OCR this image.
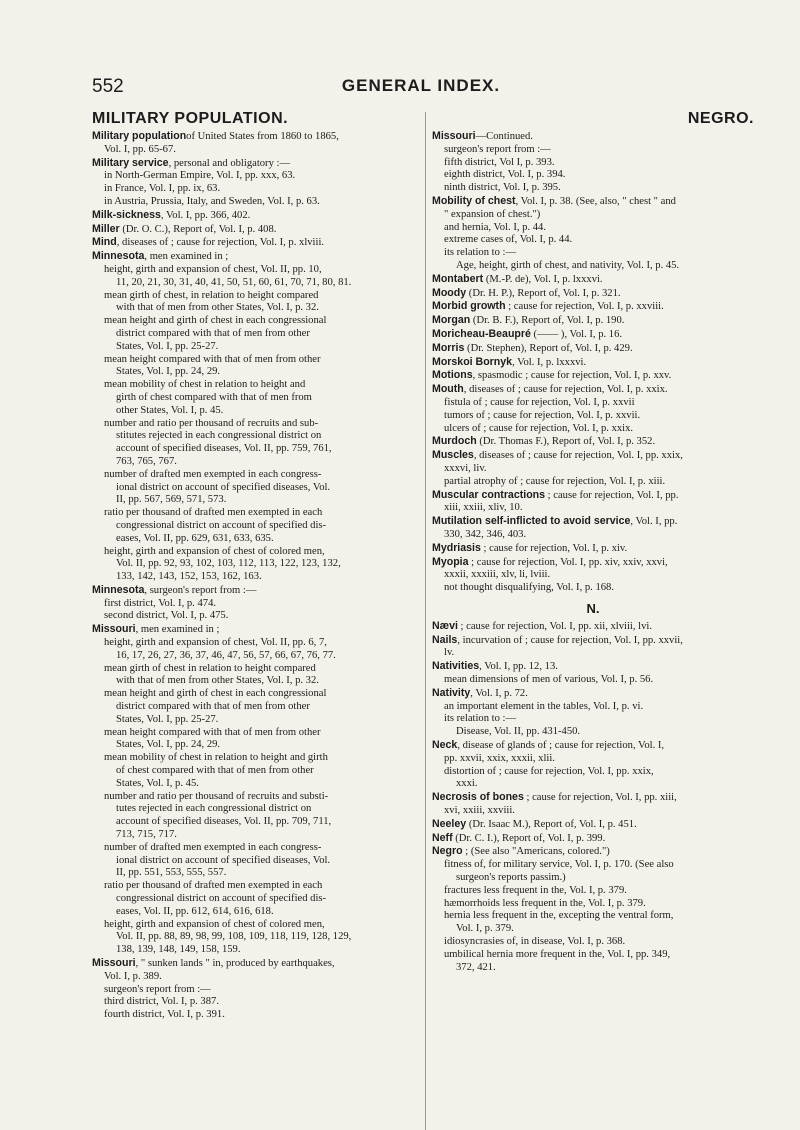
552	GENERAL INDEX.
MILITARY POPULATION.
Military populationof United States from 1860 to 1865,
Vol. I, pp. 65-67.
Military service, personal and obligatory :—
in North-German Empire, Vol. I, pp. xxx, 63.
in France, Vol. I, pp. ix, 63.
in Austria, Prussia, Italy, and Sweden, Vol. I, p. 63.
Milk-sickness, Vol. I, pp. 366, 402.
Miller (Dr. O. C.), Report of, Vol. I, p. 408.
Mind, diseases of ; cause for rejection, Vol. I, p. xlviii.
Minnesota, men examined in ;
height, girth and expansion of chest, Vol. II, pp. 10,
11, 20, 21, 30, 31, 40, 41, 50, 51, 60, 61, 70, 71, 80, 81.
mean girth of chest, in relation to height compared
with that of men from other States, Vol. I, p. 32.
mean height and girth of chest in each congressional
district compared with that of men from other
States, Vol. I, pp. 25-27.
mean height compared with that of men from other
States, Vol. I, pp. 24, 29.
mean mobility of chest in relation to height and
girth of chest compared with that of men from
other States, Vol. I, p. 45.
number and ratio per thousand of recruits and sub-
stitutes rejected in each congressional district on
account of specified diseases, Vol. II, pp. 759, 761,
763, 765, 767.
number of drafted men exempted in each congress-
ional district on account of specified diseases, Vol.
II, pp. 567, 569, 571, 573.
ratio per thousand of drafted men exempted in each
congressional district on account of specified dis-
eases, Vol. II, pp. 629, 631, 633, 635.
height, girth and expansion of chest of colored men,
Vol. II, pp. 92, 93, 102, 103, 112, 113, 122, 123, 132,
133, 142, 143, 152, 153, 162, 163.
Minnesota, surgeon's report from :—
first district, Vol. I, p. 474.
second district, Vol. I, p. 475.
Missouri, men examined in ;
height, girth and expansion of chest, Vol. II, pp. 6, 7,
16, 17, 26, 27, 36, 37, 46, 47, 56, 57, 66, 67, 76, 77.
mean girth of chest in relation to height compared
with that of men from other States, Vol. I, p. 32.
mean height and girth of chest in each congressional
district compared with that of men from other
States, Vol. I, pp. 25-27.
mean height compared with that of men from other
States, Vol. I, pp. 24, 29.
mean mobility of chest in relation to height and girth
of chest compared with that of men from other
States, Vol. I, p. 45.
number and ratio per thousand of recruits and substi-
tutes rejected in each congressional district on
account of specified diseases, Vol. II, pp. 709, 711,
713, 715, 717.
number of drafted men exempted in each congress-
ional district on account of specified diseases, Vol.
II, pp. 551, 553, 555, 557.
ratio per thousand of drafted men exempted in each
congressional district on account of specified dis-
eases, Vol. II, pp. 612, 614, 616, 618.
height, girth and expansion of chest of colored men,
Vol. II, pp. 88, 89, 98, 99, 108, 109, 118, 119, 128, 129,
138, 139, 148, 149, 158, 159.
Missouri, " sunken lands " in, produced by earthquakes,
Vol. I, p. 389.
surgeon's report from :—
third district, Vol. I, p. 387.
fourth district, Vol. I, p. 391.
NEGRO.
Missouri—Continued.
surgeon's report from :—
fifth district, Vol I, p. 393.
eighth district, Vol. I, p. 394.
ninth district, Vol. I, p. 395.
Mobility of chest, Vol. I, p. 38. (See, also, " chest " and
" expansion of chest.")
and hernia, Vol. I, p. 44.
extreme cases of, Vol. I, p. 44.
its relation to :—
Age, height, girth of chest, and nativity, Vol. I, p. 45.
Montabert (M.-P. de), Vol. I, p. lxxxvi.
Moody (Dr. H. P.), Report of, Vol. I, p. 321.
Morbid growth ; cause for rejection, Vol. I, p. xxviii.
Morgan (Dr. B. F.), Report of, Vol. I, p. 190.
Moricheau-Beaupré (—— ), Vol. I, p. 16.
Morris (Dr. Stephen), Report of, Vol. I, p. 429.
Morskoi Bornyk, Vol. I, p. lxxxvi.
Motions, spasmodic ; cause for rejection, Vol. I, p. xxv.
Mouth, diseases of ; cause for rejection, Vol. I, p. xxix.
fistula of ; cause for rejection, Vol. I, p. xxvii
tumors of ; cause for rejection, Vol. I, p. xxvii.
ulcers of ; cause for rejection, Vol. I, p. xxix.
Murdoch (Dr. Thomas F.), Report of, Vol. I, p. 352.
Muscles, diseases of ; cause for rejection, Vol. I, pp. xxix,
xxxvi, liv.
partial atrophy of ; cause for rejection, Vol. I, p. xiii.
Muscular contractions ; cause for rejection, Vol. I, pp.
xiii, xxiii, xliv, 10.
Mutilation self-inflicted to avoid service, Vol. I, pp.
330, 342, 346, 403.
Mydriasis ; cause for rejection, Vol. I, p. xiv.
Myopia ; cause for rejection, Vol. I, pp. xiv, xxiv, xxvi,
xxxii, xxxiii, xlv, li, lviii.
not thought disqualifying, Vol. I, p. 168.
N.
Nævi ; cause for rejection, Vol. I, pp. xii, xlviii, lvi.
Nails, incurvation of ; cause for rejection, Vol. I, pp. xxvii,
lv.
Nativities, Vol. I, pp. 12, 13.
mean dimensions of men of various, Vol. I, p. 56.
Nativity, Vol. I, p. 72.
an important element in the tables, Vol. I, p. vi.
its relation to :—
Disease, Vol. II, pp. 431-450.
Neck, disease of glands of ; cause for rejection, Vol. I,
pp. xxvii, xxix, xxxii, xlii.
distortion of ; cause for rejection, Vol. I, pp. xxix,
xxxi.
Necrosis of bones ; cause for rejection, Vol. I, pp. xiii,
xvi, xxiii, xxviii.
Neeley (Dr. Isaac M.), Report of, Vol. I, p. 451.
Neff (Dr. C. I.), Report of, Vol. I, p. 399.
Negro ; (See also "Americans, colored.")
fitness of, for military service, Vol. I, p. 170. (See also
surgeon's reports passim.)
fractures less frequent in the, Vol. I, p. 379.
hæmorrhoids less frequent in the, Vol. I, p. 379.
hernia less frequent in the, excepting the ventral form,
Vol. I, p. 379.
idiosyncrasies of, in disease, Vol. I, p. 368.
umbilical hernia more frequent in the, Vol. I, pp. 349,
372, 421.
